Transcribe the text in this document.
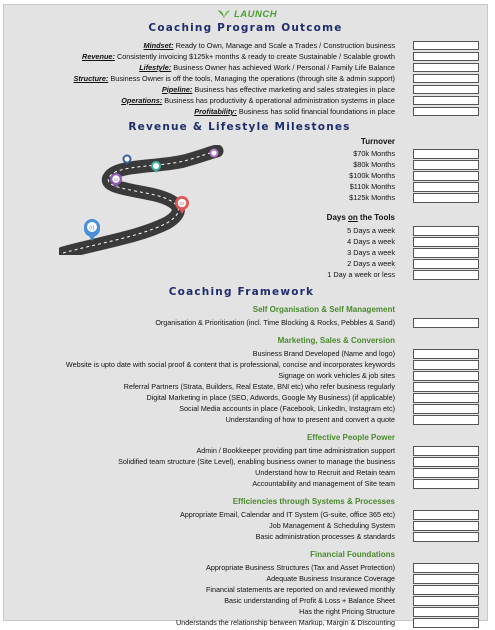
LAUNCH
Coaching Program Outcome
Revenue & Lifestyle Milestones
01
02
03
Turnover
Days on the Tools
Coaching Framework
Mindset: Ready to Own, Manage and Scale a Trades / Construction business
Revenue: Consistently invoicing $125k+ months & ready to create Sustainable / Scalable growth
Lifestyle: Business Owner has achieved Work / Personal / Family Life Balance
Structure: Business Owner is off the tools, Managing the operations (through site & admin support)
Pipeline: Business has effective marketing and sales strategies in place
Operations: Business has productivity & operational administration systems in place
Profitability: Business has solid financial foundations in place
$70k Months
$80k Months
$100k Months
$110k Months
$125k Months
5 Days a week
4 Days a week
3 Days a week
2 Days a week
1 Day a week or less
Self Organisation & Self Management
Organisation & Prioritisation (incl. Time Blocking & Rocks, Pebbles & Sand)
Marketing, Sales & Conversion
Business Brand Developed (Name and logo)
Website is upto date with social proof & content that is professional, concise and incorporates keywords
Signage on work vehicles & job sites
Referral Partners (Strata, Builders, Real Estate, BNI etc) who refer business regularly
Digital Marketing in place (SEO, Adwords, Google My Business) (if applicable)
Social Media accounts in place (Facebook, LinkedIn, Instagram etc)
Understanding of how to present and convert a quote
Effective People Power
Admin / Bookkeeper providing part time administration support
Solidified team structure (Site Level), enabling business owner to manage the business
Understand how to Recruit and Retain team
Accountability and management of Site team
Efficiencies through Systems & Processes
Appropriate Email, Calendar and IT System (G-suite, office 365 etc)
Job Management & Scheduling System
Basic administration processes & standards
Financial Foundations
Appropriate Business Structures (Tax and Asset Protection)
Adequate Business Insurance Coverage
Financial statements are reported on and reviewed monthly
Basic understanding of Profit & Loss + Balance Sheet
Has the right Pricing Structure
Understands the relationship between Markup, Margin & Discounting
